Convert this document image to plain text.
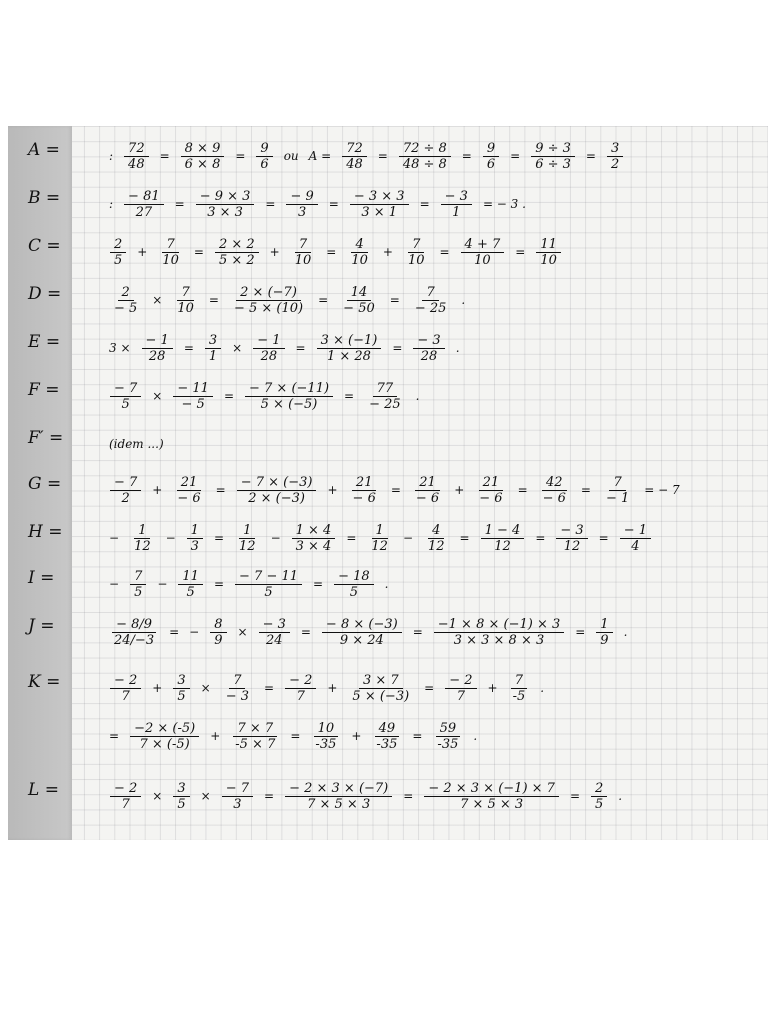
A =	: $\frac{72}{48} = \frac{8 \times 9}{6 \times 8} = \frac{9}{6}$ ou $A = \frac{72}{48} = \frac{72 \div 8}{48 \div 8} = \frac{9}{6} = \frac{9 \div 3}{6 \div 3} = \frac{3}{2}$
B =	: $\frac{- 81}{27} = \frac{- 9 \times 3}{3 \times 3} = \frac{- 9}{3} = \frac{- 3 \times 3}{3 \times 1} = \frac{- 3}{1}$ = − 3 .
C =	$\frac{2}{5} + \frac{7}{10} = \frac{2 \times 2}{5 \times 2} + \frac{7}{10} = \frac{4}{10} + \frac{7}{10} = \frac{4 + 7}{10} = \frac{11}{10}$
D =	$\frac{2}{- 5} \times \frac{7}{10} = \frac{2 \times (-7)}{- 5 \times (10)} = \frac{14}{- 50} = \frac{7}{- 25}$ .
E =	$3 \times \frac{- 1}{28} = \frac{3}{1} \times \frac{- 1}{28} = \frac{3 \times (-1)}{1 \times 28} = \frac{- 3}{28}$ .
F =	$\frac{- 7}{5} \times \frac{- 11}{- 5} = \frac{- 7 \times (-11)}{5 \times (-5)} = \frac{77}{- 25}$ .
F′ =	(idem ...)
G =	$\frac{- 7}{2} + \frac{21}{- 6} = \frac{- 7 \times (-3)}{2 \times (-3)} + \frac{21}{- 6} = \frac{21}{- 6} + \frac{21}{- 6} = \frac{42}{- 6} = \frac{7}{- 1}$ = − 7
H =	− $\frac{1}{12} - \frac{1}{3} = \frac{1}{12} - \frac{1 \times 4}{3 \times 4} = \frac{1}{12} - \frac{4}{12} = \frac{1 - 4}{12} = \frac{- 3}{12} = \frac{- 1}{4}$
I =	− $\frac{7}{5} - \frac{11}{5} = \frac{- 7 - 11}{5} = \frac{- 18}{5}$ .
J =	$\frac{- 8/9}{24/-3}$ = − $\frac{8}{9} \times \frac{- 3}{24} = \frac{- 8 \times (-3)}{9 \times 24} = \frac{-1 \times 8 \times (-1) \times 3}{3 \times 3 \times 8 \times 3} = \frac{1}{9}$ .
K =	$\frac{- 2}{7} + \frac{3}{5} \times \frac{7}{- 3} = \frac{- 2}{7} + \frac{3 \times 7}{5 \times (-3)} = \frac{- 2}{7} + \frac{7}{-5}$ .
= $\frac{-2 \times (-5)}{7 \times (-5)} + \frac{7 \times 7}{-5 \times 7} = \frac{10}{-35} + \frac{49}{-35} = \frac{59}{-35}$ .
L =	$\frac{- 2}{7} \times \frac{3}{5} \times \frac{- 7}{3} = \frac{- 2 \times 3 \times (-7)}{7 \times 5 \times 3} = \frac{- 2 \times 3 \times (-1) \times 7}{7 \times 5 \times 3} = \frac{2}{5}$ .
